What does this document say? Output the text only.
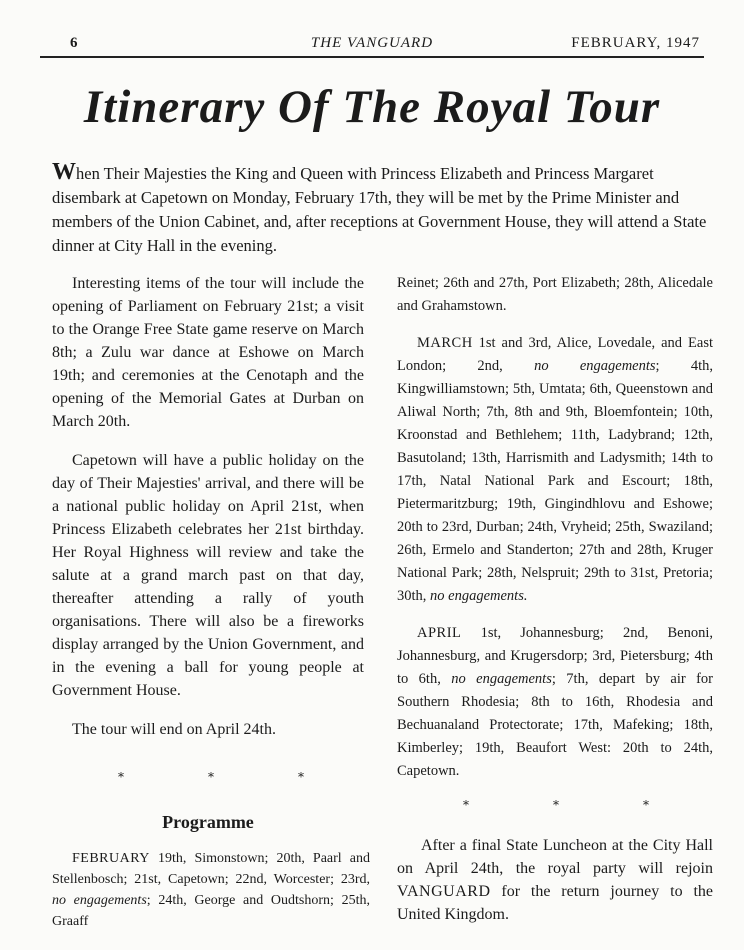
6	THE VANGUARD	FEBRUARY, 1947
Itinerary Of The Royal Tour
When Their Majesties the King and Queen with Princess Elizabeth and Princess Margaret disembark at Capetown on Monday, February 17th, they will be met by the Prime Minister and members of the Union Cabinet, and, after receptions at Government House, they will attend a State dinner at City Hall in the evening.

Interesting items of the tour will include the opening of Parliament on February 21st; a visit to the Orange Free State game reserve on March 8th; a Zulu war dance at Eshowe on March 19th; and ceremonies at the Cenotaph and the opening of the Memorial Gates at Durban on March 20th.

Capetown will have a public holiday on the day of Their Majesties' arrival, and there will be a national public holiday on April 21st, when Princess Elizabeth celebrates her 21st birthday. Her Royal Highness will review and take the salute at a grand march past on that day, thereafter attending a rally of youth organisations. There will also be a fireworks display arranged by the Union Government, and in the evening a ball for young people at Government House.

The tour will end on April 24th.

*	*	*
Programme
FEBRUARY 19th, Simonstown; 20th, Paarl and Stellenbosch; 21st, Capetown; 22nd, Worcester; 23rd, no engagements; 24th, George and Oudtshorn; 25th, Graaff

Reinet; 26th and 27th, Port Elizabeth; 28th, Alicedale and Grahamstown.

MARCH 1st and 3rd, Alice, Lovedale, and East London; 2nd, no engagements; 4th, Kingwilliamstown; 5th, Umtata; 6th, Queenstown and Aliwal North; 7th, 8th and 9th, Bloemfontein; 10th, Kroonstad and Bethlehem; 11th, Ladybrand; 12th, Basutoland; 13th, Harrismith and Ladysmith; 14th to 17th, Natal National Park and Escourt; 18th, Pietermaritzburg; 19th, Gingindhlovu and Eshowe; 20th to 23rd, Durban; 24th, Vryheid; 25th, Swaziland; 26th, Ermelo and Standerton; 27th and 28th, Kruger National Park; 28th, Nelspruit; 29th to 31st, Pretoria; 30th, no engagements.

APRIL 1st, Johannesburg; 2nd, Benoni, Johannesburg, and Krugersdorp; 3rd, Pietersburg; 4th to 6th, no engagements; 7th, depart by air for Southern Rhodesia; 8th to 16th, Rhodesia and Bechuanaland Protectorate; 17th, Mafeking; 18th, Kimberley; 19th, Beaufort West: 20th to 24th, Capetown.

*	*	*
After a final State Luncheon at the City Hall on April 24th, the royal party will rejoin VANGUARD for the return journey to the United Kingdom.
